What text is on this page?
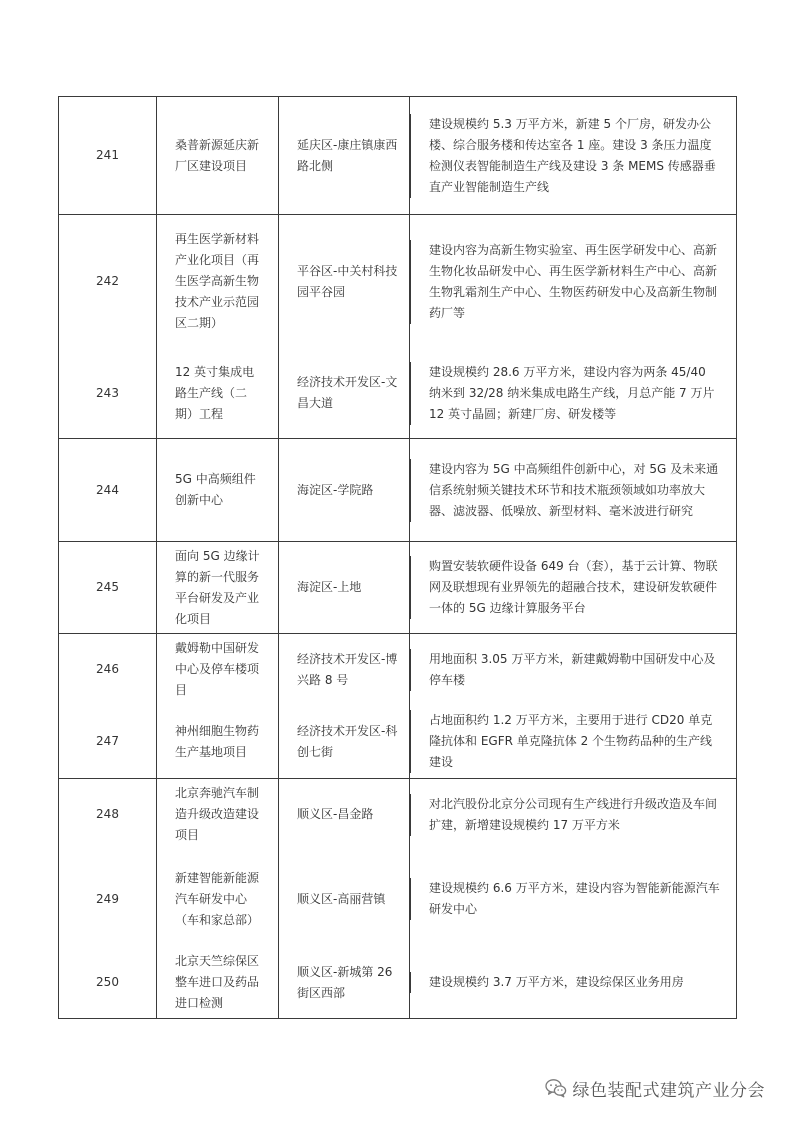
241	桑普新源延庆新厂区建设项目	延庆区-康庄镇康西路北侧	建设规模约 5.3 万平方米，新建 5 个厂房，研发办公楼、综合服务楼和传达室各 1 座。建设 3 条压力温度检测仪表智能制造生产线及建设 3 条 MEMS 传感器垂直产业智能制造生产线

242	再生医学新材料产业化项目（再生医学高新生物技术产业示范园区二期）	平谷区-中关村科技园平谷园	建设内容为高新生物实验室、再生医学研发中心、高新生物化妆品研发中心、再生医学新材料生产中心、高新生物乳霜剂生产中心、生物医药研发中心及高新生物制药厂等

243	12 英寸集成电路生产线（二期）工程	经济技术开发区-文昌大道	建设规模约 28.6 万平方米，建设内容为两条 45/40 纳米到 32/28 纳米集成电路生产线，月总产能 7 万片 12 英寸晶圆；新建厂房、研发楼等

244	5G 中高频组件创新中心	海淀区-学院路	建设内容为 5G 中高频组件创新中心，对 5G 及未来通信系统射频关键技术环节和技术瓶颈领域如功率放大器、滤波器、低噪放、新型材料、毫米波进行研究

245	面向 5G 边缘计算的新一代服务平台研发及产业化项目	海淀区-上地	购置安装软硬件设备 649 台（套），基于云计算、物联网及联想现有业界领先的超融合技术，建设研发软硬件一体的 5G 边缘计算服务平台

246	戴姆勒中国研发中心及停车楼项目	经济技术开发区-博兴路 8 号	用地面积 3.05 万平方米，新建戴姆勒中国研发中心及停车楼

247	神州细胞生物药生产基地项目	经济技术开发区-科创七街	占地面积约 1.2 万平方米，主要用于进行 CD20 单克隆抗体和 EGFR 单克隆抗体 2 个生物药品种的生产线建设

248	北京奔驰汽车制造升级改造建设项目	顺义区-昌金路	对北汽股份北京分公司现有生产线进行升级改造及车间扩建，新增建设规模约 17 万平方米

249	新建智能新能源汽车研发中心（车和家总部）	顺义区-高丽营镇	建设规模约 6.6 万平方米，建设内容为智能新能源汽车研发中心

250	北京天竺综保区整车进口及药品进口检测	顺义区-新城第 26 街区西部	建设规模约 3.7 万平方米，建设综保区业务用房
绿色装配式建筑产业分会
